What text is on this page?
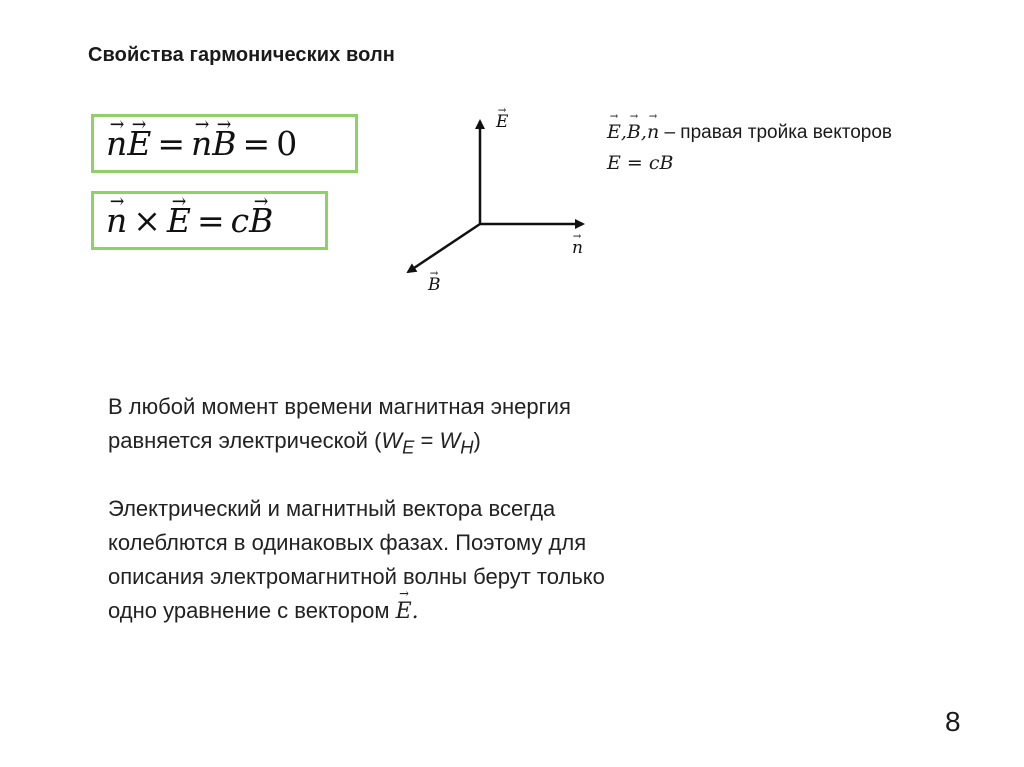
Свойства гармонических волн
→ n → E = → n → B = 0
→ n × → E = c → B
→ E
→ n
→ B
→ E,→ B,→ n – правая тройка векторов
E = cB
В любой момент времени магнитная энергия
равняется электрической $(W_E = W_H)$
Электрический и магнитный вектора всегда
колеблются в одинаковых фазах. Поэтому для
описания электромагнитной волны берут только
одно уравнение с вектором → E.
8
